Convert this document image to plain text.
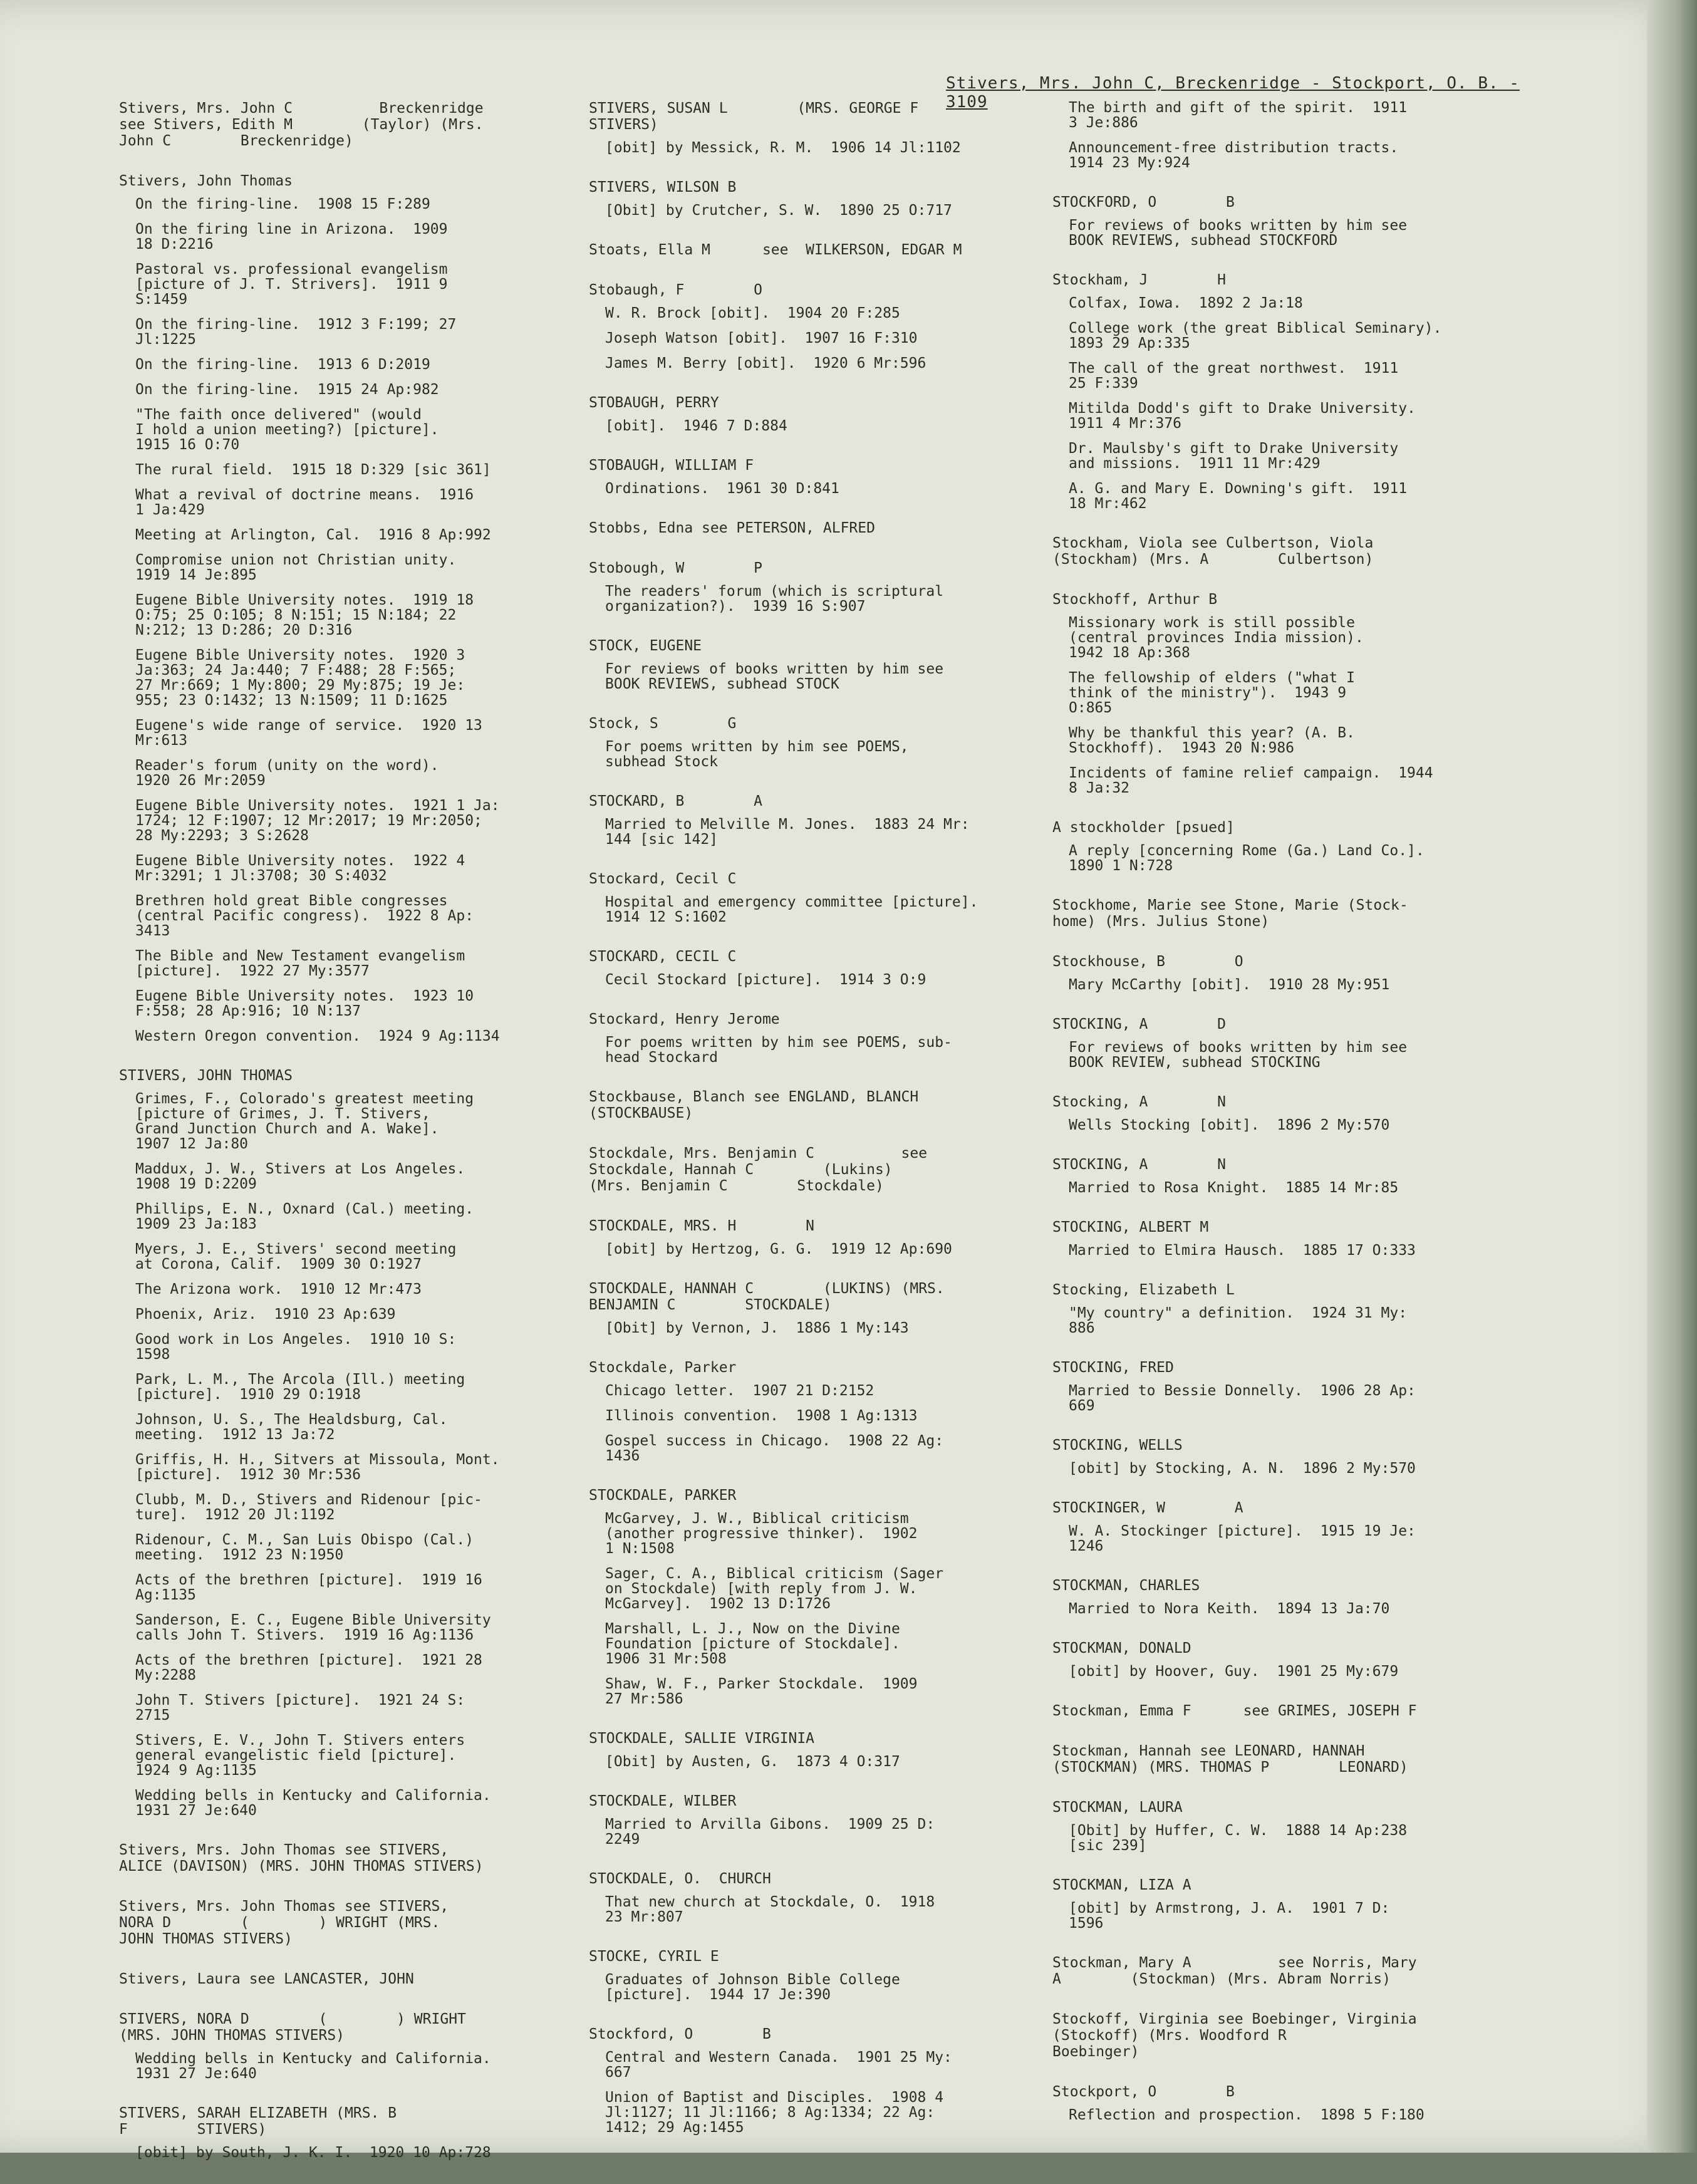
Stivers, Mrs. John C, Breckenridge - Stockport, O. B. - 3109
Stivers, Mrs. John C          Breckenridge
see Stivers, Edith M        (Taylor) (Mrs.
John C        Breckenridge)
Stivers, John Thomas
On the firing-line.  1908 15 F:289
On the firing line in Arizona.  1909
18 D:2216
Pastoral vs. professional evangelism
[picture of J. T. Strivers].  1911 9
S:1459
On the firing-line.  1912 3 F:199; 27
Jl:1225
On the firing-line.  1913 6 D:2019
On the firing-line.  1915 24 Ap:982
"The faith once delivered" (would
I hold a union meeting?) [picture].
1915 16 O:70
The rural field.  1915 18 D:329 [sic 361]
What a revival of doctrine means.  1916
1 Ja:429
Meeting at Arlington, Cal.  1916 8 Ap:992
Compromise union not Christian unity.
1919 14 Je:895
Eugene Bible University notes.  1919 18
O:75; 25 O:105; 8 N:151; 15 N:184; 22
N:212; 13 D:286; 20 D:316
Eugene Bible University notes.  1920 3
Ja:363; 24 Ja:440; 7 F:488; 28 F:565;
27 Mr:669; 1 My:800; 29 My:875; 19 Je:
955; 23 O:1432; 13 N:1509; 11 D:1625
Eugene's wide range of service.  1920 13
Mr:613
Reader's forum (unity on the word).
1920 26 Mr:2059
Eugene Bible University notes.  1921 1 Ja:
1724; 12 F:1907; 12 Mr:2017; 19 Mr:2050;
28 My:2293; 3 S:2628
Eugene Bible University notes.  1922 4
Mr:3291; 1 Jl:3708; 30 S:4032
Brethren hold great Bible congresses
(central Pacific congress).  1922 8 Ap:
3413
The Bible and New Testament evangelism
[picture].  1922 27 My:3577
Eugene Bible University notes.  1923 10
F:558; 28 Ap:916; 10 N:137
Western Oregon convention.  1924 9 Ag:1134
STIVERS, JOHN THOMAS
Grimes, F., Colorado's greatest meeting
[picture of Grimes, J. T. Stivers,
Grand Junction Church and A. Wake].
1907 12 Ja:80
Maddux, J. W., Stivers at Los Angeles.
1908 19 D:2209
Phillips, E. N., Oxnard (Cal.) meeting.
1909 23 Ja:183
Myers, J. E., Stivers' second meeting
at Corona, Calif.  1909 30 O:1927
The Arizona work.  1910 12 Mr:473
Phoenix, Ariz.  1910 23 Ap:639
Good work in Los Angeles.  1910 10 S:
1598
Park, L. M., The Arcola (Ill.) meeting
[picture].  1910 29 O:1918
Johnson, U. S., The Healdsburg, Cal.
meeting.  1912 13 Ja:72
Griffis, H. H., Sitvers at Missoula, Mont.
[picture].  1912 30 Mr:536
Clubb, M. D., Stivers and Ridenour [pic-
ture].  1912 20 Jl:1192
Ridenour, C. M., San Luis Obispo (Cal.)
meeting.  1912 23 N:1950
Acts of the brethren [picture].  1919 16
Ag:1135
Sanderson, E. C., Eugene Bible University
calls John T. Stivers.  1919 16 Ag:1136
Acts of the brethren [picture].  1921 28
My:2288
John T. Stivers [picture].  1921 24 S:
2715
Stivers, E. V., John T. Stivers enters
general evangelistic field [picture].
1924 9 Ag:1135
Wedding bells in Kentucky and California.
1931 27 Je:640
Stivers, Mrs. John Thomas see STIVERS,
ALICE (DAVISON) (MRS. JOHN THOMAS STIVERS)
Stivers, Mrs. John Thomas see STIVERS,
NORA D        (        ) WRIGHT (MRS.
JOHN THOMAS STIVERS)
Stivers, Laura see LANCASTER, JOHN
STIVERS, NORA D        (        ) WRIGHT
(MRS. JOHN THOMAS STIVERS)
Wedding bells in Kentucky and California.
1931 27 Je:640
STIVERS, SARAH ELIZABETH (MRS. B
F        STIVERS)
[obit] by South, J. K. I.  1920 10 Ap:728
STIVERS, SUSAN L        (MRS. GEORGE F
STIVERS)
[obit] by Messick, R. M.  1906 14 Jl:1102
STIVERS, WILSON B
[Obit] by Crutcher, S. W.  1890 25 O:717
Stoats, Ella M      see  WILKERSON, EDGAR M
Stobaugh, F        O
W. R. Brock [obit].  1904 20 F:285
Joseph Watson [obit].  1907 16 F:310
James M. Berry [obit].  1920 6 Mr:596
STOBAUGH, PERRY
[obit].  1946 7 D:884
STOBAUGH, WILLIAM F
Ordinations.  1961 30 D:841
Stobbs, Edna see PETERSON, ALFRED
Stobough, W        P
The readers' forum (which is scriptural
organization?).  1939 16 S:907
STOCK, EUGENE
For reviews of books written by him see
BOOK REVIEWS, subhead STOCK
Stock, S        G
For poems written by him see POEMS,
subhead Stock
STOCKARD, B        A
Married to Melville M. Jones.  1883 24 Mr:
144 [sic 142]
Stockard, Cecil C
Hospital and emergency committee [picture].
1914 12 S:1602
STOCKARD, CECIL C
Cecil Stockard [picture].  1914 3 O:9
Stockard, Henry Jerome
For poems written by him see POEMS, sub-
head Stockard
Stockbause, Blanch see ENGLAND, BLANCH
(STOCKBAUSE)
Stockdale, Mrs. Benjamin C          see
Stockdale, Hannah C        (Lukins)
(Mrs. Benjamin C        Stockdale)
STOCKDALE, MRS. H        N
[obit] by Hertzog, G. G.  1919 12 Ap:690
STOCKDALE, HANNAH C        (LUKINS) (MRS.
BENJAMIN C        STOCKDALE)
[Obit] by Vernon, J.  1886 1 My:143
Stockdale, Parker
Chicago letter.  1907 21 D:2152
Illinois convention.  1908 1 Ag:1313
Gospel success in Chicago.  1908 22 Ag:
1436
STOCKDALE, PARKER
McGarvey, J. W., Biblical criticism
(another progressive thinker).  1902
1 N:1508
Sager, C. A., Biblical criticism (Sager
on Stockdale) [with reply from J. W.
McGarvey].  1902 13 D:1726
Marshall, L. J., Now on the Divine
Foundation [picture of Stockdale].
1906 31 Mr:508
Shaw, W. F., Parker Stockdale.  1909
27 Mr:586
STOCKDALE, SALLIE VIRGINIA
[Obit] by Austen, G.  1873 4 O:317
STOCKDALE, WILBER
Married to Arvilla Gibons.  1909 25 D:
2249
STOCKDALE, O.  CHURCH
That new church at Stockdale, O.  1918
23 Mr:807
STOCKE, CYRIL E
Graduates of Johnson Bible College
[picture].  1944 17 Je:390
Stockford, O        B
Central and Western Canada.  1901 25 My:
667
Union of Baptist and Disciples.  1908 4
Jl:1127; 11 Jl:1166; 8 Ag:1334; 22 Ag:
1412; 29 Ag:1455
The birth and gift of the spirit.  1911
3 Je:886
Announcement-free distribution tracts.
1914 23 My:924
STOCKFORD, O        B
For reviews of books written by him see
BOOK REVIEWS, subhead STOCKFORD
Stockham, J        H
Colfax, Iowa.  1892 2 Ja:18
College work (the great Biblical Seminary).
1893 29 Ap:335
The call of the great northwest.  1911
25 F:339
Mitilda Dodd's gift to Drake University.
1911 4 Mr:376
Dr. Maulsby's gift to Drake University
and missions.  1911 11 Mr:429
A. G. and Mary E. Downing's gift.  1911
18 Mr:462
Stockham, Viola see Culbertson, Viola
(Stockham) (Mrs. A        Culbertson)
Stockhoff, Arthur B
Missionary work is still possible
(central provinces India mission).
1942 18 Ap:368
The fellowship of elders ("what I
think of the ministry").  1943 9
O:865
Why be thankful this year? (A. B.
Stockhoff).  1943 20 N:986
Incidents of famine relief campaign.  1944
8 Ja:32
A stockholder [psued]
A reply [concerning Rome (Ga.) Land Co.].
1890 1 N:728
Stockhome, Marie see Stone, Marie (Stock-
home) (Mrs. Julius Stone)
Stockhouse, B        O
Mary McCarthy [obit].  1910 28 My:951
STOCKING, A        D
For reviews of books written by him see
BOOK REVIEW, subhead STOCKING
Stocking, A        N
Wells Stocking [obit].  1896 2 My:570
STOCKING, A        N
Married to Rosa Knight.  1885 14 Mr:85
STOCKING, ALBERT M
Married to Elmira Hausch.  1885 17 O:333
Stocking, Elizabeth L
"My country" a definition.  1924 31 My:
886
STOCKING, FRED
Married to Bessie Donnelly.  1906 28 Ap:
669
STOCKING, WELLS
[obit] by Stocking, A. N.  1896 2 My:570
STOCKINGER, W        A
W. A. Stockinger [picture].  1915 19 Je:
1246
STOCKMAN, CHARLES
Married to Nora Keith.  1894 13 Ja:70
STOCKMAN, DONALD
[obit] by Hoover, Guy.  1901 25 My:679
Stockman, Emma F      see GRIMES, JOSEPH F
Stockman, Hannah see LEONARD, HANNAH
(STOCKMAN) (MRS. THOMAS P        LEONARD)
STOCKMAN, LAURA
[Obit] by Huffer, C. W.  1888 14 Ap:238
[sic 239]
STOCKMAN, LIZA A
[obit] by Armstrong, J. A.  1901 7 D:
1596
Stockman, Mary A          see Norris, Mary
A        (Stockman) (Mrs. Abram Norris)
Stockoff, Virginia see Boebinger, Virginia
(Stockoff) (Mrs. Woodford R
Boebinger)
Stockport, O        B
Reflection and prospection.  1898 5 F:180
